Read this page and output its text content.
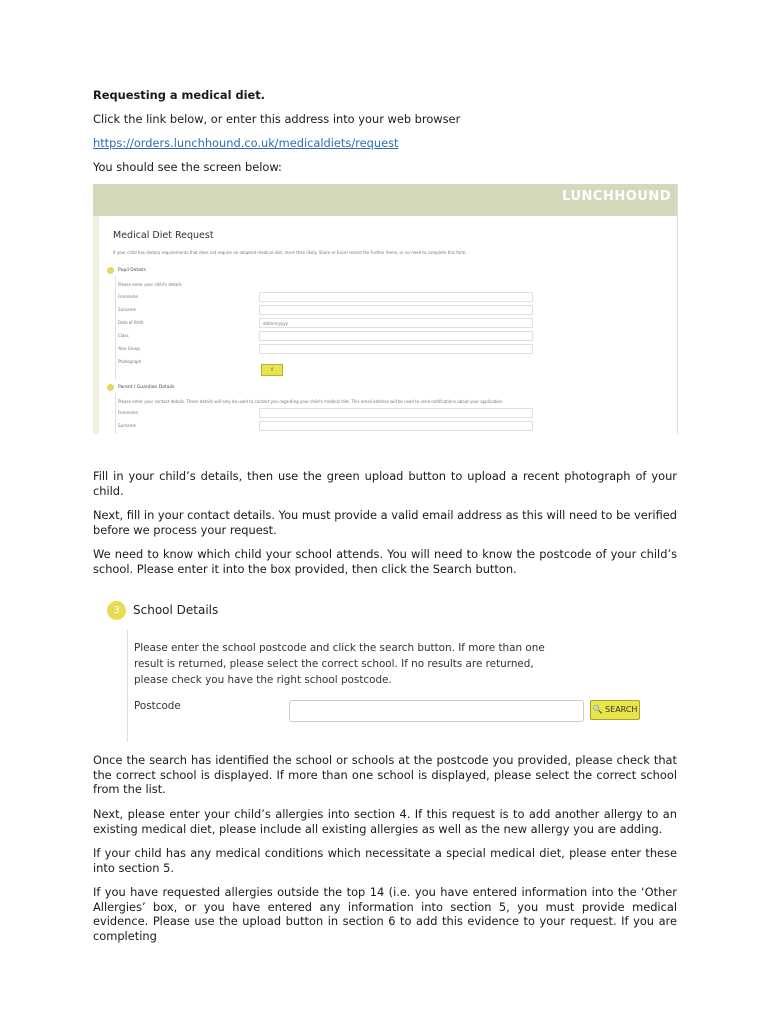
Requesting a medical diet.
Click the link below, or enter this address into your web browser
https://orders.lunchhound.co.uk/medicaldiets/request
You should see the screen below:
LUNCHHOUND
Medical Diet Request
If your child has dietary requirements that does not require an adapted medical diet, more than likely. Share or Excel record the further items, or no need to complete this form.
Pupil Details
Please enter your child's details
Forename
Surname
Date of Birth	dd/mm/yyyy
Class
Year Group
Photograph
⇧
Parent / Guardian Details
Please enter your contact details. These details will only be used to contact you regarding your child's medical diet. This email address will be used to send notifications about your application.
Forename
Surname
Fill in your child’s details, then use the green upload button to upload a recent photograph of your child.
Next, fill in your contact details. You must provide a valid email address as this will need to be verified before we process your request.
We need to know which child your school attends. You will need to know the postcode of your child’s school. Please enter it into the box provided, then click the Search button.
3	School Details
Please enter the school postcode and click the search button. If more than one result is returned, please select the correct school. If no results are returned, please check you have the right school postcode.
Postcode	🔍 SEARCH
Once the search has identified the school or schools at the postcode you provided, please check that the correct school is displayed. If more than one school is displayed, please select the correct school from the list.
Next, please enter your child’s allergies into section 4. If this request is to add another allergy to an existing medical diet, please include all existing allergies as well as the new allergy you are adding.
If your child has any medical conditions which necessitate a special medical diet, please enter these into section 5.
If you have requested allergies outside the top 14 (i.e. you have entered information into the ‘Other Allergies’ box, or you have entered any information into section 5, you must provide medical evidence. Please use the upload button in section 6 to add this evidence to your request. If you are completing
